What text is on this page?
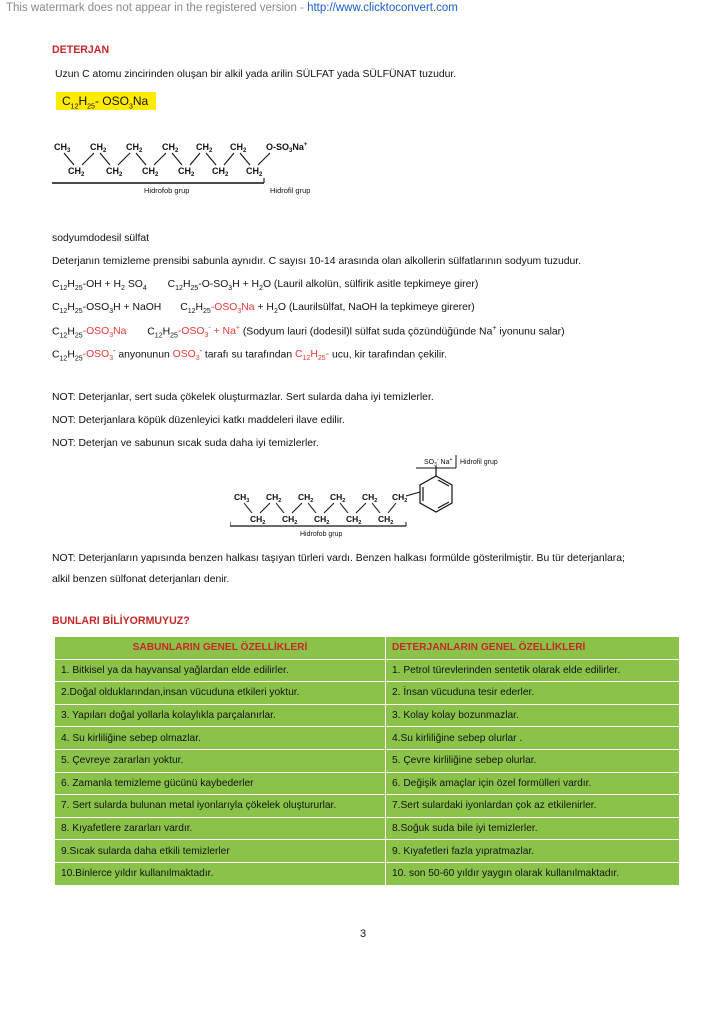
This watermark does not appear in the registered version - http://www.clicktoconvert.com
DETERJAN
Uzun C atomu zincirinden oluşan bir alkil yada arilin SÜLFAT yada SÜLFÜNAT tuzudur.
$C_{12}H_{25}-$ $OSO_3Na$
$CH_3$ $CH_2$ $CH_2$ $CH_2$ $CH_2$ $CH_2$ $O-SO_3Na^+$
$CH_2$ $CH_2$ $CH_2$ $CH_2$ $CH_2$ $CH_2$
Hidrofob grup	Hidrofil grup
sodyumdodesil sülfat
Deterjanın temizleme prensibi sabunla aynıdır. C sayısı 10-14 arasında olan alkollerin sülfatlarının sodyum tuzudur.
$C_{12}H_{25}-OH + H_2$ $SO_4$ $C_{12}H_{25}-O-SO_3H + H_2O$ (Lauril alkolün, sülfirik asitle tepkimeye girer)
$C_{12}H_{25}-OSO_3H$ + NaOH $C_{12}H_{25}-OSO_3Na + H_2O$ (Laurilsülfat, NaOH la tepkimeye girerer)
$C_{12}H_{25}-OSO_3Na$ $C_{12}H_{25}-OSO_3^- + Na^+$ (Sodyum lauri (dodesil)l sülfat suda çözündüğünde Na+ iyonunu salar)
$C_{12}H_{25}-OSO_3^-$ anyonunun $OSO_3^-$ tarafı su tarafından $C_{12}H_{25}-$ ucu, kir tarafından çekilir.
NOT: Deterjanlar, sert suda çökelek oluşturmazlar. Sert sularda daha iyi temizlerler.
NOT: Deterjanlara köpük düzenleyici katkı maddeleri ilave edilir.
NOT: Deterjan ve sabunun sıcak suda daha iyi temizlerler.
$SO_3^-$ Na+ Hidrofil grup
$CH_3$ $CH_2$ $CH_2$ $CH_2$ $CH_2$ $CH_2$
$CH_2$ $CH_2$ $CH_2$ $CH_2$ $CH_2$
Hidrofob grup
NOT: Deterjanların yapısında benzen halkası taşıyan türleri vardı. Benzen halkası formülde gösterilmiştir. Bu tür deterjanlara;
alkil benzen sülfonat deterjanları denir.
BUNLARI BİLİYORMUYUZ?
SABUNLARIN GENEL ÖZELLİKLERİ	DETERJANLARIN GENEL ÖZELLİKLERİ
1. Bitkisel ya da hayvansal yağlardan elde edilirler.	1. Petrol türevlerinden sentetik olarak elde edilirler.
2.Doğal olduklarından,insan vücuduna etkileri yoktur.	2. İnsan vücuduna tesir ederler.
3. Yapıları doğal yollarla kolaylıkla parçalanırlar.	3. Kolay kolay bozunmazlar.
4. Su kirliliğine sebep olmazlar.	4.Su kirliliğine sebep olurlar .
5. Çevreye zararları yoktur.	5. Çevre kirliliğine sebep olurlar.
6. Zamanla temizleme gücünü kaybederler	6. Değişik amaçlar için özel formülleri vardır.
7. Sert sularda bulunan metal iyonlarıyla çökelek oluştururlar.	7.Sert sulardaki iyonlardan çok az etkilenirler.
8. Kıyafetlere zararları vardır.	8.Soğuk suda bile iyi temizlerler.
9.Sıcak sularda daha etkili temizlerler	9. Kıyafetleri fazla yıpratmazlar.
10.Binlerce yıldır kullanılmaktadır.	10. son 50-60 yıldır yaygın olarak kullanılmaktadır.
3
